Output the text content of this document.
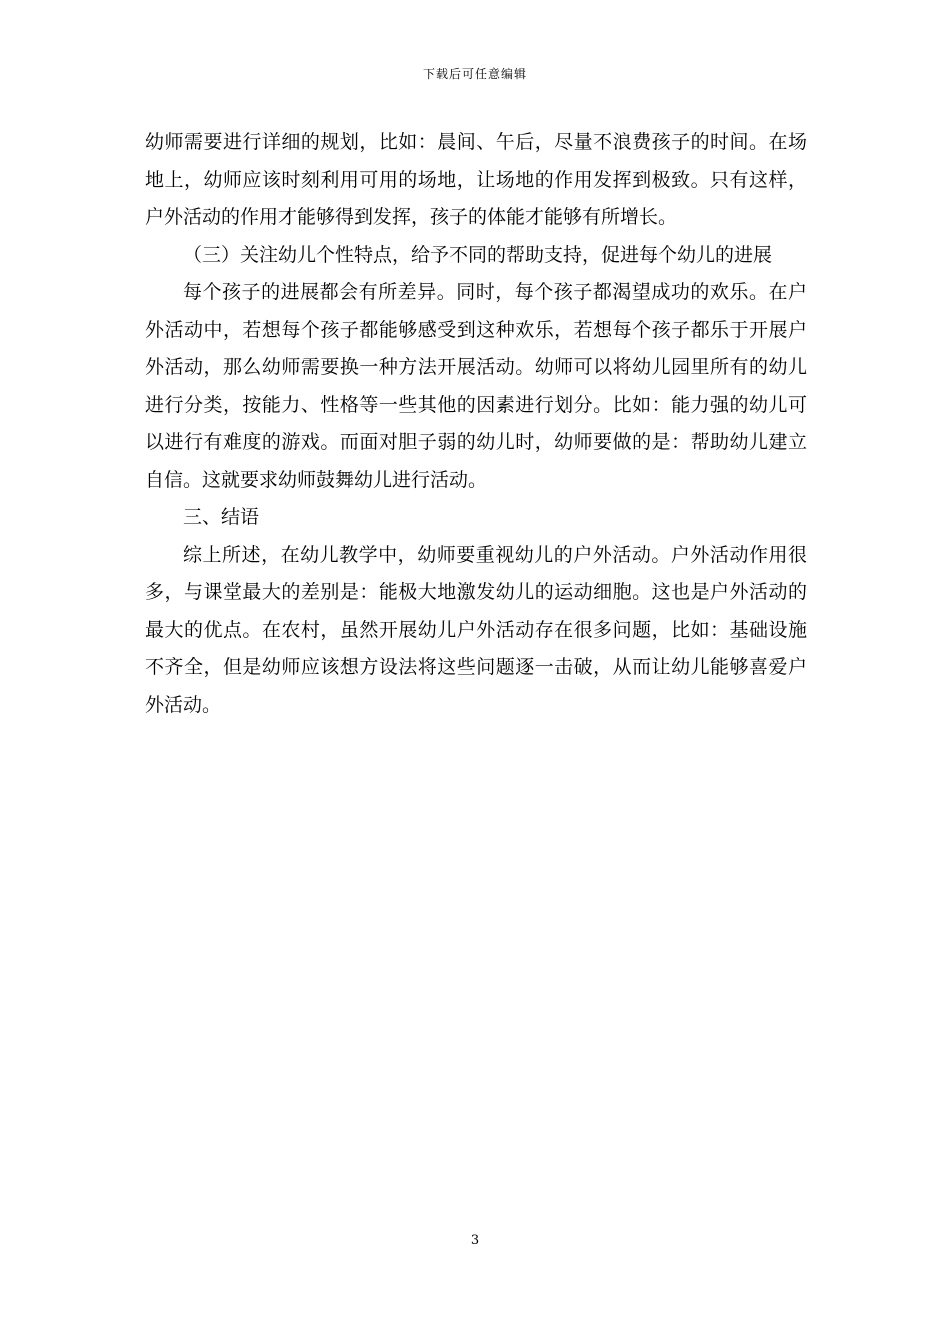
下载后可任意编辑

幼师需要进行详细的规划，比如：晨间、午后，尽量不浪费孩子的时间。在场地上，幼师应该时刻利用可用的场地，让场地的作用发挥到极致。只有这样，户外活动的作用才能够得到发挥，孩子的体能才能够有所增长。

（三）关注幼儿个性特点，给予不同的帮助支持，促进每个幼儿的进展

每个孩子的进展都会有所差异。同时，每个孩子都渴望成功的欢乐。在户外活动中，若想每个孩子都能够感受到这种欢乐，若想每个孩子都乐于开展户外活动，那么幼师需要换一种方法开展活动。幼师可以将幼儿园里所有的幼儿进行分类，按能力、性格等一些其他的因素进行划分。比如：能力强的幼儿可以进行有难度的游戏。而面对胆子弱的幼儿时，幼师要做的是：帮助幼儿建立自信。这就要求幼师鼓舞幼儿进行活动。

三、结语

综上所述，在幼儿教学中，幼师要重视幼儿的户外活动。户外活动作用很多，与课堂最大的差别是：能极大地激发幼儿的运动细胞。这也是户外活动的最大的优点。在农村，虽然开展幼儿户外活动存在很多问题，比如：基础设施不齐全，但是幼师应该想方设法将这些问题逐一击破，从而让幼儿能够喜爱户外活动。

3
